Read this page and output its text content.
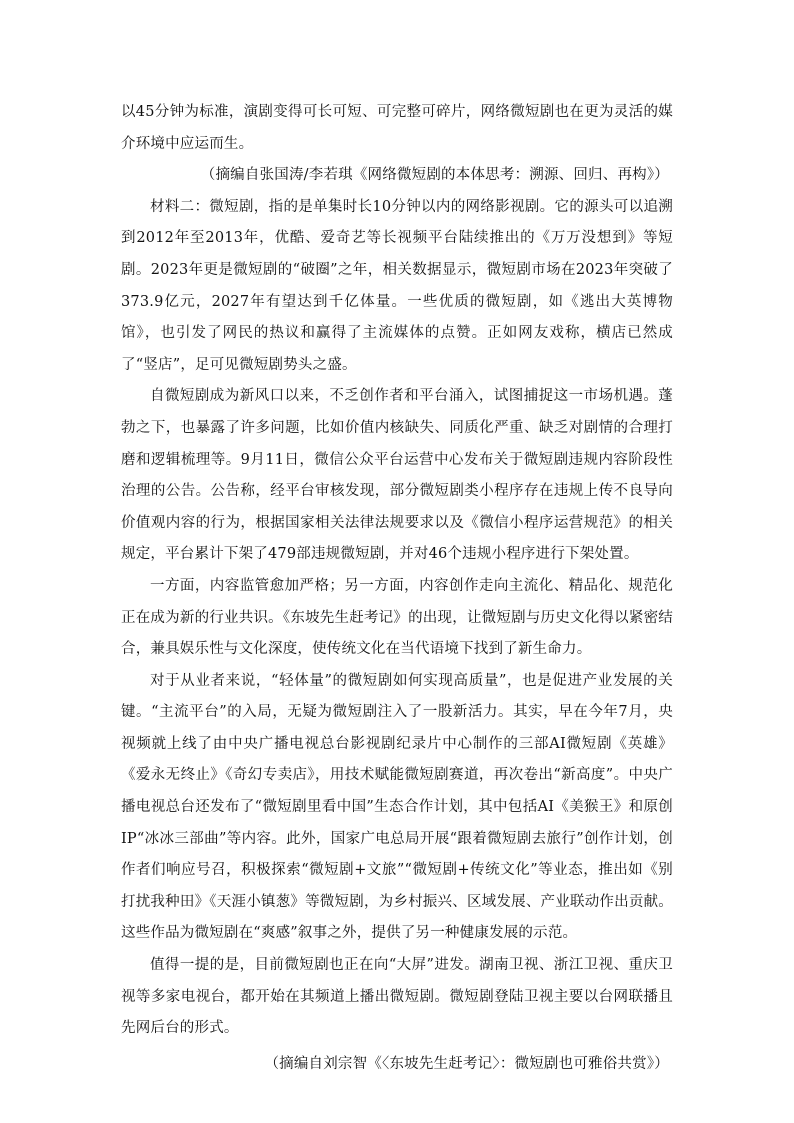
以45分钟为标准，演剧变得可长可短、可完整可碎片，网络微短剧也在更为灵活的媒介环境中应运而生。

（摘编自张国涛/李若琪《网络微短剧的本体思考：溯源、回归、再构》）

材料二：微短剧，指的是单集时长10分钟以内的网络影视剧。它的源头可以追溯到2012年至2013年，优酷、爱奇艺等长视频平台陆续推出的《万万没想到》等短剧。2023年更是微短剧的“破圈”之年，相关数据显示，微短剧市场在2023年突破了373.9亿元，2027年有望达到千亿体量。一些优质的微短剧，如《逃出大英博物馆》，也引发了网民的热议和赢得了主流媒体的点赞。正如网友戏称，横店已然成了“竖店”，足可见微短剧势头之盛。

自微短剧成为新风口以来，不乏创作者和平台涌入，试图捕捉这一市场机遇。蓬勃之下，也暴露了许多问题，比如价值内核缺失、同质化严重、缺乏对剧情的合理打磨和逻辑梳理等。9月11日，微信公众平台运营中心发布关于微短剧违规内容阶段性治理的公告。公告称，经平台审核发现，部分微短剧类小程序存在违规上传不良导向价值观内容的行为，根据国家相关法律法规要求以及《微信小程序运营规范》的相关规定，平台累计下架了479部违规微短剧，并对46个违规小程序进行下架处置。

一方面，内容监管愈加严格；另一方面，内容创作走向主流化、精品化、规范化正在成为新的行业共识。《东坡先生赶考记》的出现，让微短剧与历史文化得以紧密结合，兼具娱乐性与文化深度，使传统文化在当代语境下找到了新生命力。

对于从业者来说，“轻体量”的微短剧如何实现高质量”，也是促进产业发展的关键。“主流平台”的入局，无疑为微短剧注入了一股新活力。其实，早在今年7月，央视频就上线了由中央广播电视总台影视剧纪录片中心制作的三部AI微短剧《英雄》《爱永无终止》《奇幻专卖店》，用技术赋能微短剧赛道，再次卷出“新高度”。中央广播电视总台还发布了“微短剧里看中国”生态合作计划，其中包括AI《美猴王》和原创IP“冰冰三部曲”等内容。此外，国家广电总局开展“跟着微短剧去旅行”创作计划，创作者们响应号召，积极探索“微短剧+文旅”“微短剧+传统文化”等业态，推出如《别打扰我种田》《天涯小镇葱》等微短剧，为乡村振兴、区域发展、产业联动作出贡献。这些作品为微短剧在“爽感”叙事之外，提供了另一种健康发展的示范。

值得一提的是，目前微短剧也正在向“大屏”进发。湖南卫视、浙江卫视、重庆卫视等多家电视台，都开始在其频道上播出微短剧。微短剧登陆卫视主要以台网联播且先网后台的形式。

（摘编自刘宗智《〈东坡先生赶考记〉：微短剧也可雅俗共赏》）
